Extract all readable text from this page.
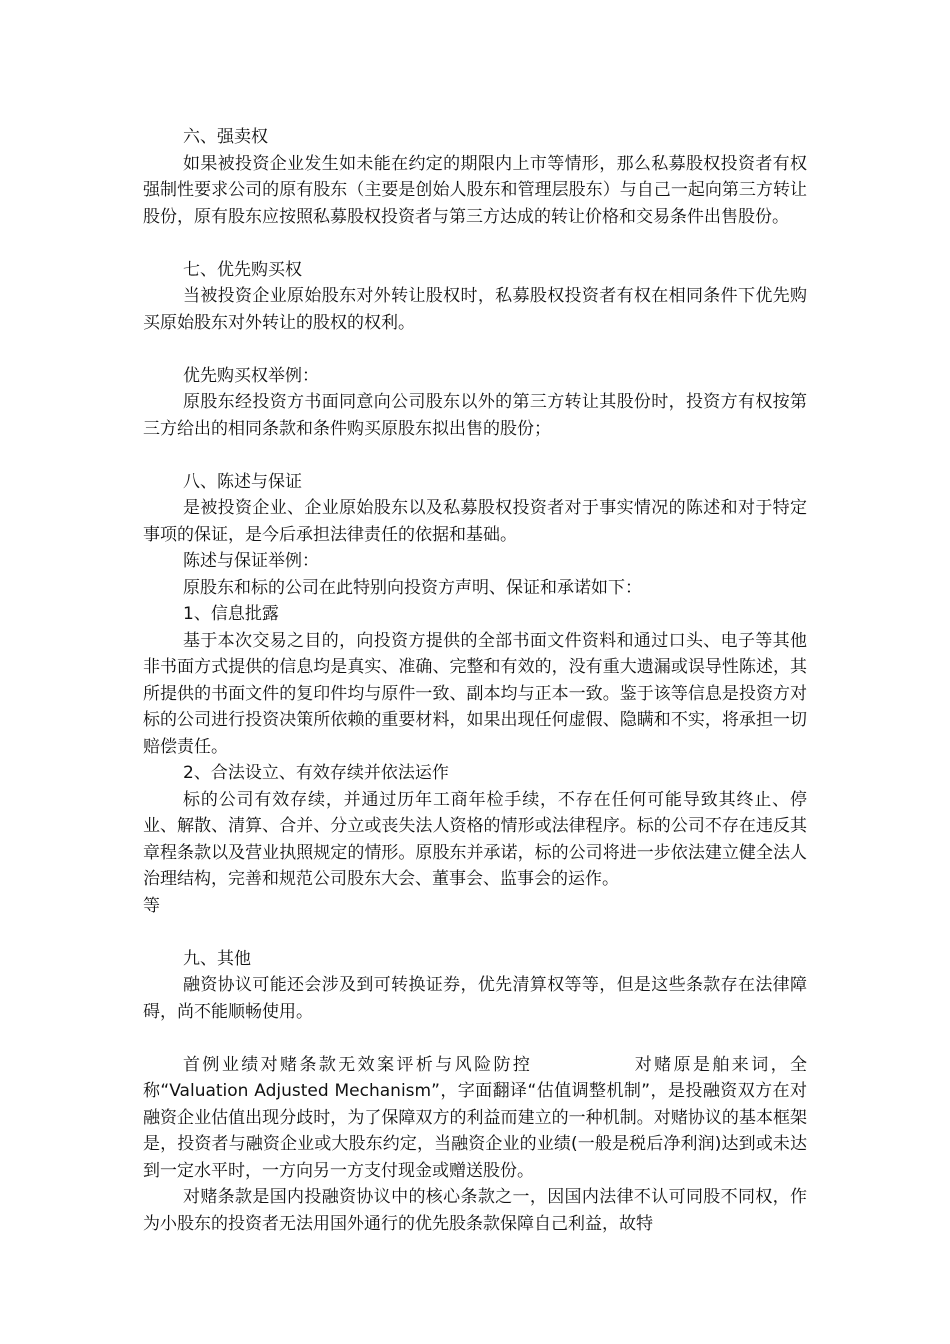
六、强卖权

如果被投资企业发生如未能在约定的期限内上市等情形，那么私募股权投资者有权强制性要求公司的原有股东（主要是创始人股东和管理层股东）与自己一起向第三方转让股份，原有股东应按照私募股权投资者与第三方达成的转让价格和交易条件出售股份。

七、优先购买权

当被投资企业原始股东对外转让股权时，私募股权投资者有权在相同条件下优先购买原始股东对外转让的股权的权利。

优先购买权举例：

原股东经投资方书面同意向公司股东以外的第三方转让其股份时，投资方有权按第三方给出的相同条款和条件购买原股东拟出售的股份；

八、陈述与保证

是被投资企业、企业原始股东以及私募股权投资者对于事实情况的陈述和对于特定事项的保证，是今后承担法律责任的依据和基础。

陈述与保证举例：

原股东和标的公司在此特别向投资方声明、保证和承诺如下：

1、信息批露

基于本次交易之目的，向投资方提供的全部书面文件资料和通过口头、电子等其他非书面方式提供的信息均是真实、准确、完整和有效的，没有重大遗漏或误导性陈述，其所提供的书面文件的复印件均与原件一致、副本均与正本一致。鉴于该等信息是投资方对标的公司进行投资决策所依赖的重要材料，如果出现任何虚假、隐瞒和不实，将承担一切赔偿责任。

2、合法设立、有效存续并依法运作

标的公司有效存续，并通过历年工商年检手续，不存在任何可能导致其终止、停业、解散、清算、合并、分立或丧失法人资格的情形或法律程序。标的公司不存在违反其章程条款以及营业执照规定的情形。原股东并承诺，标的公司将进一步依法建立健全法人治理结构，完善和规范公司股东大会、董事会、监事会的运作。

等

九、其他

融资协议可能还会涉及到可转换证券，优先清算权等等，但是这些条款存在法律障碍，尚不能顺畅使用。

首例业绩对赌条款无效案评析与风险防控	对赌原是舶来词，全称“Valuation Adjusted Mechanism”，字面翻译“估值调整机制”，是投融资双方在对融资企业估值出现分歧时，为了保障双方的利益而建立的一种机制。对赌协议的基本框架是，投资者与融资企业或大股东约定，当融资企业的业绩(一般是税后净利润)达到或未达到一定水平时，一方向另一方支付现金或赠送股份。

对赌条款是国内投融资协议中的核心条款之一，因国内法律不认可同股不同权，作为小股东的投资者无法用国外通行的优先股条款保障自己利益，故特
